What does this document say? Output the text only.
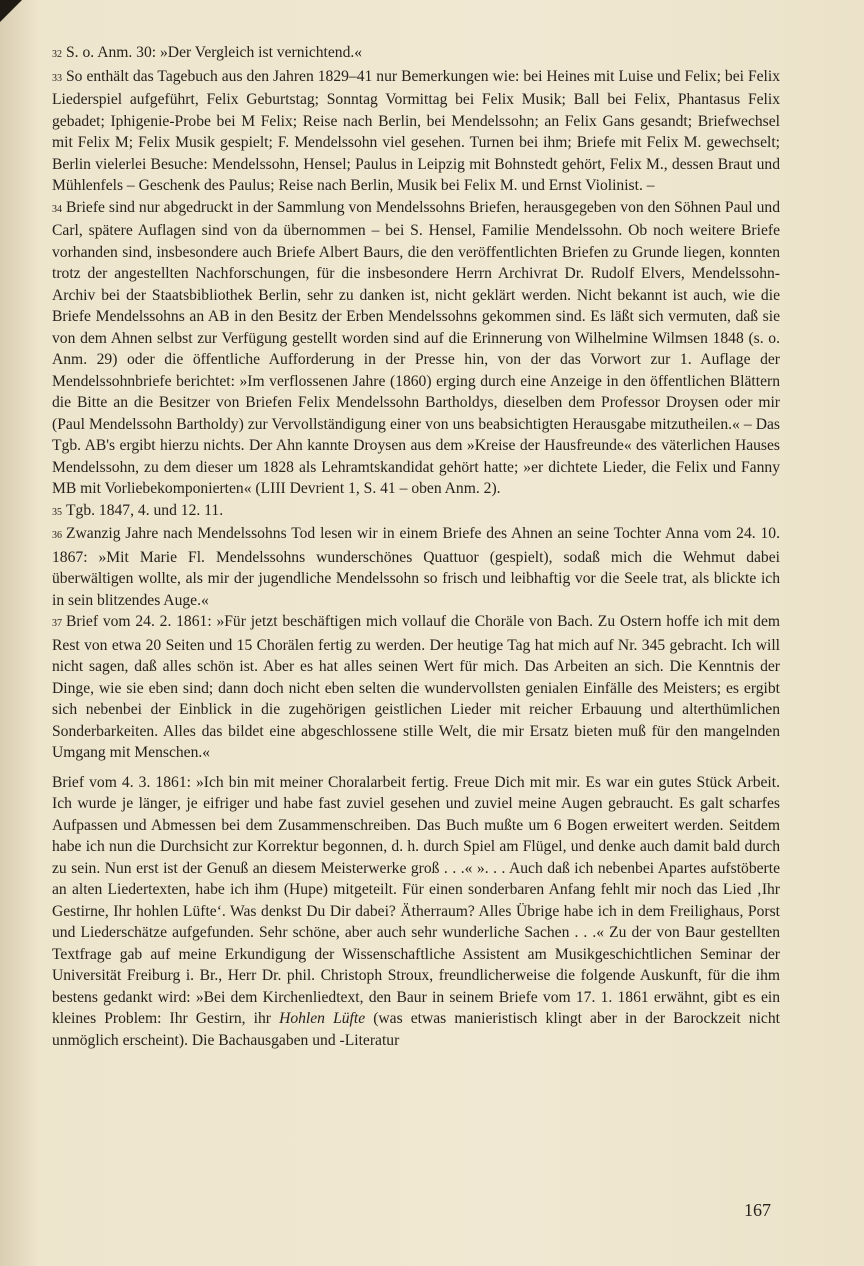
32 S. o. Anm. 30: »Der Vergleich ist vernichtend.«

33 So enthält das Tagebuch aus den Jahren 1829–41 nur Bemerkungen wie: bei Heines mit Luise und Felix; bei Felix Liederspiel aufgeführt, Felix Geburtstag; Sonntag Vormittag bei Felix Musik; Ball bei Felix, Phantasus Felix gebadet; Iphigenie-Probe bei M Felix; Reise nach Berlin, bei Mendelssohn; an Felix Gans gesandt; Briefwechsel mit Felix M; Felix Musik gespielt; F. Mendelssohn viel gesehen. Turnen bei ihm; Briefe mit Felix M. gewechselt; Berlin vielerlei Besuche: Mendelssohn, Hensel; Paulus in Leipzig mit Bohnstedt gehört, Felix M., dessen Braut und Mühlenfels – Geschenk des Paulus; Reise nach Berlin, Musik bei Felix M. und Ernst Violinist. –

34 Briefe sind nur abgedruckt in der Sammlung von Mendelssohns Briefen, herausgegeben von den Söhnen Paul und Carl, spätere Auflagen sind von da übernommen – bei S. Hensel, Familie Mendelssohn. Ob noch weitere Briefe vorhanden sind, insbesondere auch Briefe Albert Baurs, die den veröffentlichten Briefen zu Grunde liegen, konnten trotz der angestellten Nachforschungen, für die insbesondere Herrn Archivrat Dr. Rudolf Elvers, Mendelssohn-Archiv bei der Staatsbibliothek Berlin, sehr zu danken ist, nicht geklärt werden. Nicht bekannt ist auch, wie die Briefe Mendelssohns an AB in den Besitz der Erben Mendelssohns gekommen sind. Es läßt sich vermuten, daß sie von dem Ahnen selbst zur Verfügung gestellt worden sind auf die Erinnerung von Wilhelmine Wilmsen 1848 (s. o. Anm. 29) oder die öffentliche Aufforderung in der Presse hin, von der das Vorwort zur 1. Auflage der Mendelssohnbriefe berichtet: »Im verflossenen Jahre (1860) erging durch eine Anzeige in den öffentlichen Blättern die Bitte an die Besitzer von Briefen Felix Mendelssohn Bartholdys, dieselben dem Professor Droysen oder mir (Paul Mendelssohn Bartholdy) zur Vervollständigung einer von uns beabsichtigten Herausgabe mitzutheilen.« – Das Tgb. AB's ergibt hierzu nichts. Der Ahn kannte Droysen aus dem »Kreise der Hausfreunde« des väterlichen Hauses Mendelssohn, zu dem dieser um 1828 als Lehramtskandidat gehört hatte; »er dichtete Lieder, die Felix und Fanny MB mit Vorliebekomponierten« (LIII Devrient 1, S. 41 – oben Anm. 2).

35 Tgb. 1847, 4. und 12. 11.

36 Zwanzig Jahre nach Mendelssohns Tod lesen wir in einem Briefe des Ahnen an seine Tochter Anna vom 24. 10. 1867: »Mit Marie Fl. Mendelssohns wunderschönes Quattuor (gespielt), sodaß mich die Wehmut dabei überwältigen wollte, als mir der jugendliche Mendelssohn so frisch und leibhaftig vor die Seele trat, als blickte ich in sein blitzendes Auge.«

37 Brief vom 24. 2. 1861: »Für jetzt beschäftigen mich vollauf die Choräle von Bach. Zu Ostern hoffe ich mit dem Rest von etwa 20 Seiten und 15 Chorälen fertig zu werden. Der heutige Tag hat mich auf Nr. 345 gebracht. Ich will nicht sagen, daß alles schön ist. Aber es hat alles seinen Wert für mich. Das Arbeiten an sich. Die Kenntnis der Dinge, wie sie eben sind; dann doch nicht eben selten die wundervollsten genialen Einfälle des Meisters; es ergibt sich nebenbei der Einblick in die zugehörigen geistlichen Lieder mit reicher Erbauung und alterthümlichen Sonderbarkeiten. Alles das bildet eine abgeschlossene stille Welt, die mir Ersatz bieten muß für den mangelnden Umgang mit Menschen.«

Brief vom 4. 3. 1861: »Ich bin mit meiner Choralarbeit fertig. Freue Dich mit mir. Es war ein gutes Stück Arbeit. Ich wurde je länger, je eifriger und habe fast zuviel gesehen und zuviel meine Augen gebraucht. Es galt scharfes Aufpassen und Abmessen bei dem Zusammenschreiben. Das Buch mußte um 6 Bogen erweitert werden. Seitdem habe ich nun die Durchsicht zur Korrektur begonnen, d. h. durch Spiel am Flügel, und denke auch damit bald durch zu sein. Nun erst ist der Genuß an diesem Meisterwerke groß . . .« ». . . Auch daß ich nebenbei Apartes aufstöberte an alten Liedertexten, habe ich ihm (Hupe) mitgeteilt. Für einen sonderbaren Anfang fehlt mir noch das Lied ‚Ihr Gestirne, Ihr hohlen Lüfte‘. Was denkst Du Dir dabei? Ätherraum? Alles Übrige habe ich in dem Freilighaus, Porst und Liederschätze aufgefunden. Sehr schöne, aber auch sehr wunderliche Sachen . . .« Zu der von Baur gestellten Textfrage gab auf meine Erkundigung der Wissenschaftliche Assistent am Musikgeschichtlichen Seminar der Universität Freiburg i. Br., Herr Dr. phil. Christoph Stroux, freundlicherweise die folgende Auskunft, für die ihm bestens gedankt wird: »Bei dem Kirchenliedtext, den Baur in seinem Briefe vom 17. 1. 1861 erwähnt, gibt es ein kleines Problem: Ihr Gestirn, ihr Hohlen Lüfte (was etwas manieristisch klingt aber in der Barockzeit nicht unmöglich erscheint). Die Bachausgaben und -Literatur

167
